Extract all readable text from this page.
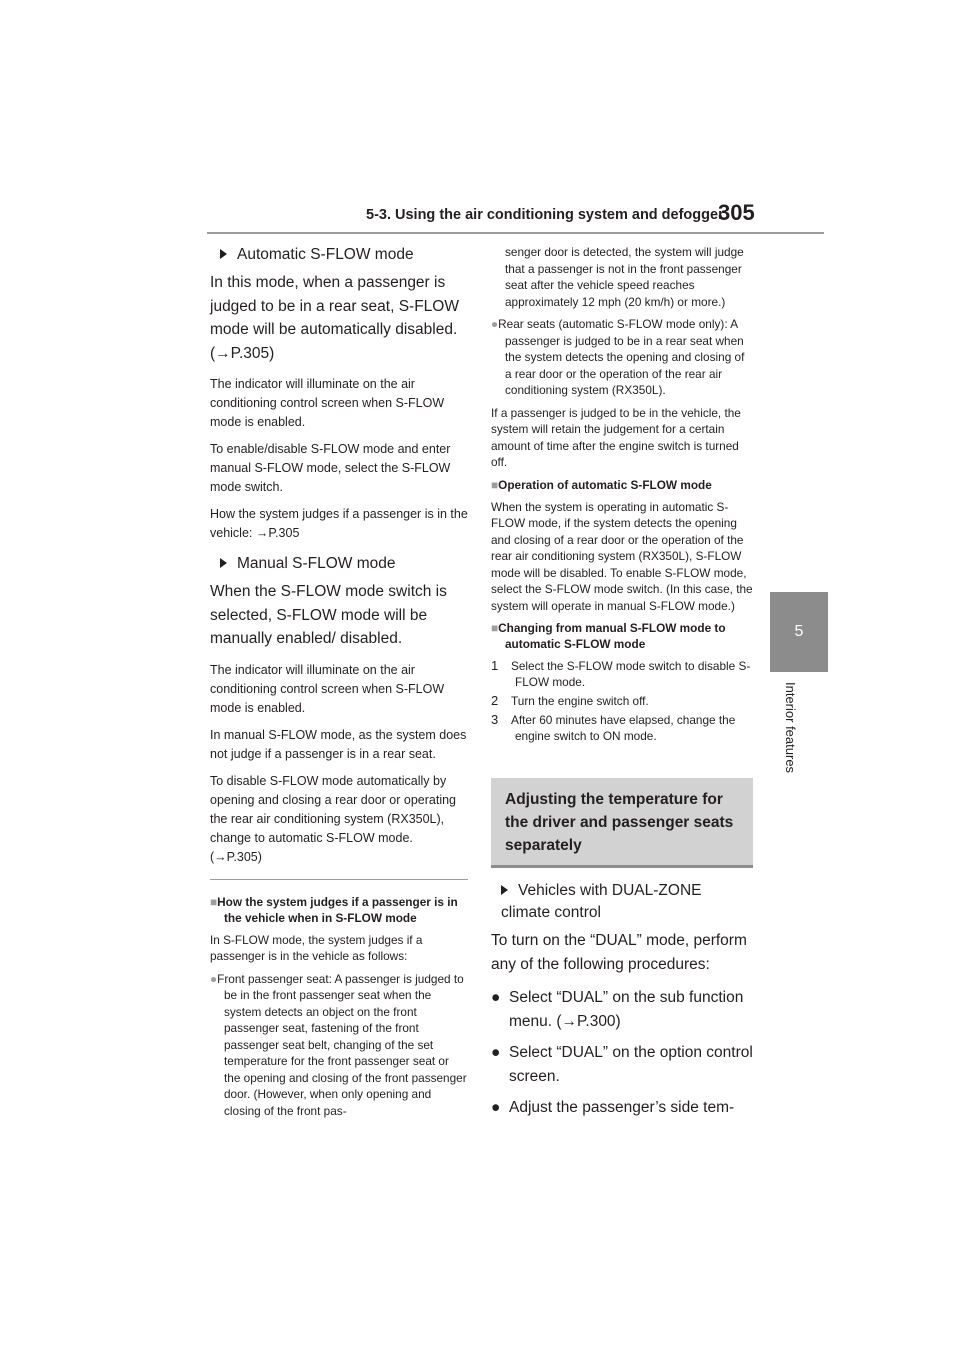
5-3. Using the air conditioning system and defogger
305
5
Interior features
Automatic S-FLOW mode

In this mode, when a passenger is judged to be in a rear seat, S-FLOW mode will be automatically disabled. (→P.305)

The indicator will illuminate on the air conditioning control screen when S-FLOW mode is enabled.

To enable/disable S-FLOW mode and enter manual S-FLOW mode, select the S-FLOW mode switch.

How the system judges if a passenger is in the vehicle: →P.305

Manual S-FLOW mode

When the S-FLOW mode switch is selected, S-FLOW mode will be manually enabled/ disabled.

The indicator will illuminate on the air conditioning control screen when S-FLOW mode is enabled.

In manual S-FLOW mode, as the system does not judge if a passenger is in a rear seat.

To disable S-FLOW mode automatically by opening and closing a rear door or operating the rear air conditioning system (RX350L), change to automatic S-FLOW mode. (→P.305)

■How the system judges if a passenger is in the vehicle when in S-FLOW mode

In S-FLOW mode, the system judges if a passenger is in the vehicle as follows:

●Front passenger seat: A passenger is judged to be in the front passenger seat when the system detects an object on the front passenger seat, fastening of the front passenger seat belt, changing of the set temperature for the front passenger seat or the opening and closing of the front passenger door. (However, when only opening and closing of the front pas-
senger door is detected, the system will judge that a passenger is not in the front passenger seat after the vehicle speed reaches approximately 12 mph (20 km/h) or more.)
●Rear seats (automatic S-FLOW mode only): A passenger is judged to be in a rear seat when the system detects the opening and closing of a rear door or the operation of the rear air conditioning system (RX350L).

If a passenger is judged to be in the vehicle, the system will retain the judgement for a certain amount of time after the engine switch is turned off.

■Operation of automatic S-FLOW mode

When the system is operating in automatic S-FLOW mode, if the system detects the opening and closing of a rear door or the operation of the rear air conditioning system (RX350L), S-FLOW mode will be disabled. To enable S-FLOW mode, select the S-FLOW mode switch. (In this case, the system will operate in manual S-FLOW mode.)

■Changing from manual S-FLOW mode to automatic S-FLOW mode
1 Select the S-FLOW mode switch to disable S-FLOW mode.
2 Turn the engine switch off.
3 After 60 minutes have elapsed, change the engine switch to ON mode.
Adjusting the temperature for the driver and passenger seats separately
Vehicles with DUAL-ZONE climate control

To turn on the “DUAL” mode, perform any of the following procedures:

● Select “DUAL” on the sub function menu. (→P.300)
● Select “DUAL” on the option control screen.
● Adjust the passenger’s side tem-
